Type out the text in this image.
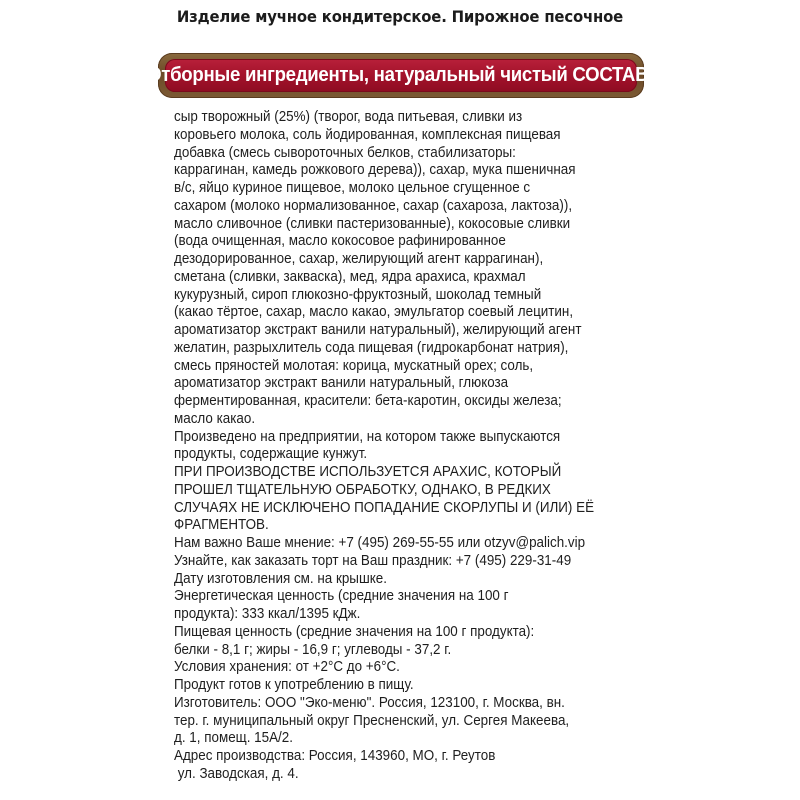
Изделие мучное кондитерское. Пирожное песочное
Отборные ингредиенты, натуральный чистый СОСТАВ:
сыр творожный (25%) (творог, вода питьевая, сливки из
коровьего молока, соль йодированная, комплексная пищевая
добавка (смесь сывороточных белков, стабилизаторы:
каррагинан, камедь рожкового дерева)), сахар, мука пшеничная
в/с, яйцо куриное пищевое, молоко цельное сгущенное с
сахаром (молоко нормализованное, сахар (сахароза, лактоза)),
масло сливочное (сливки пастеризованные), кокосовые сливки
(вода очищенная, масло кокосовое рафинированное
дезодорированное, сахар, желирующий агент каррагинан),
сметана (сливки, закваска), мед, ядра арахиса, крахмал
кукурузный, сироп глюкозно-фруктозный, шоколад темный
(какао тёртое, сахар, масло какао, эмульгатор соевый лецитин,
ароматизатор экстракт ванили натуральный), желирующий агент
желатин, разрыхлитель сода пищевая (гидрокарбонат натрия),
смесь пряностей молотая: корица, мускатный орех; соль,
ароматизатор экстракт ванили натуральный, глюкоза
ферментированная, красители: бета-каротин, оксиды железа;
масло какао.
Произведено на предприятии, на котором также выпускаются
продукты, содержащие кунжут.
ПРИ ПРОИЗВОДСТВЕ ИСПОЛЬЗУЕТСЯ АРАХИС, КОТОРЫЙ
ПРОШЕЛ ТЩАТЕЛЬНУЮ ОБРАБОТКУ, ОДНАКО, В РЕДКИХ
СЛУЧАЯХ НЕ ИСКЛЮЧЕНО ПОПАДАНИЕ СКОРЛУПЫ И (ИЛИ) ЕЁ
ФРАГМЕНТОВ.
Нам важно Ваше мнение: +7 (495) 269-55-55 или otzyv@palich.vip
Узнайте, как заказать торт на Ваш праздник: +7 (495) 229-31-49
Дату изготовления см. на крышке.
Энергетическая ценность (средние значения на 100 г
продукта): 333 ккал/1395 кДж.
Пищевая ценность (средние значения на 100 г продукта):
белки - 8,1 г; жиры - 16,9 г; углеводы - 37,2 г.
Условия хранения: от +2°С до +6°С.
Продукт готов к употреблению в пищу.
Изготовитель: ООО "Эко-меню". Россия, 123100, г. Москва, вн.
тер. г. муниципальный округ Пресненский, ул. Сергея Макеева,
д. 1, помещ. 15А/2.
Адрес производства: Россия, 143960, МО, г. Реутов
ул. Заводская, д. 4.
